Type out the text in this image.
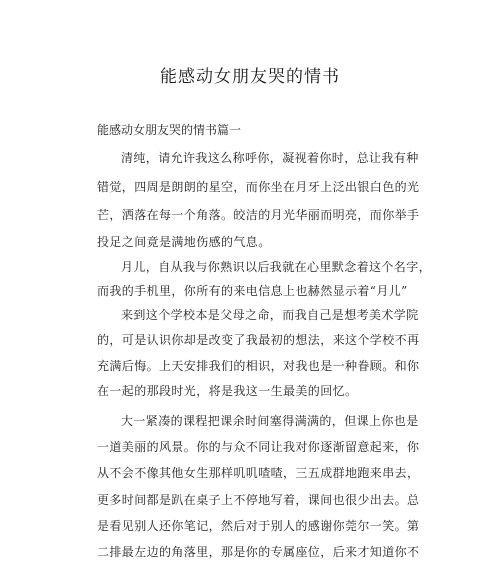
能感动女朋友哭的情书
能感动女朋友哭的情书篇一
清纯，请允许我这么称呼你，凝视着你时，总让我有种
错觉，四周是朗朗的星空，而你坐在月牙上泛出银白色的光
芒，洒落在每一个角落。皎洁的月光华丽而明亮，而你举手
投足之间竟是满地伤感的气息。
月儿，自从我与你熟识以后我就在心里默念着这个名字，
而我的手机里，你所有的来电信息上也赫然显示着“月儿”
来到这个学校本是父母之命，而我自己是想考美术学院
的，可是认识你却是改变了我最初的想法，来这个学校不再
充满后悔。上天安排我们的相识，对我也是一种眷顾。和你
在一起的那段时光，将是我这一生最美的回忆。
大一紧凑的课程把课余时间塞得满满的，但课上你也是
一道美丽的风景。你的与众不同让我对你逐渐留意起来，你
从不会不像其他女生那样叽叽喳喳，三五成群地跑来串去，
更多时间都是趴在桌子上不停地写着，课间也很少出去。总
是看见别人还你笔记，然后对于别人的感谢你莞尔一笑。第
二排最左边的角落里，那是你的专属座位，后来才知道你不
